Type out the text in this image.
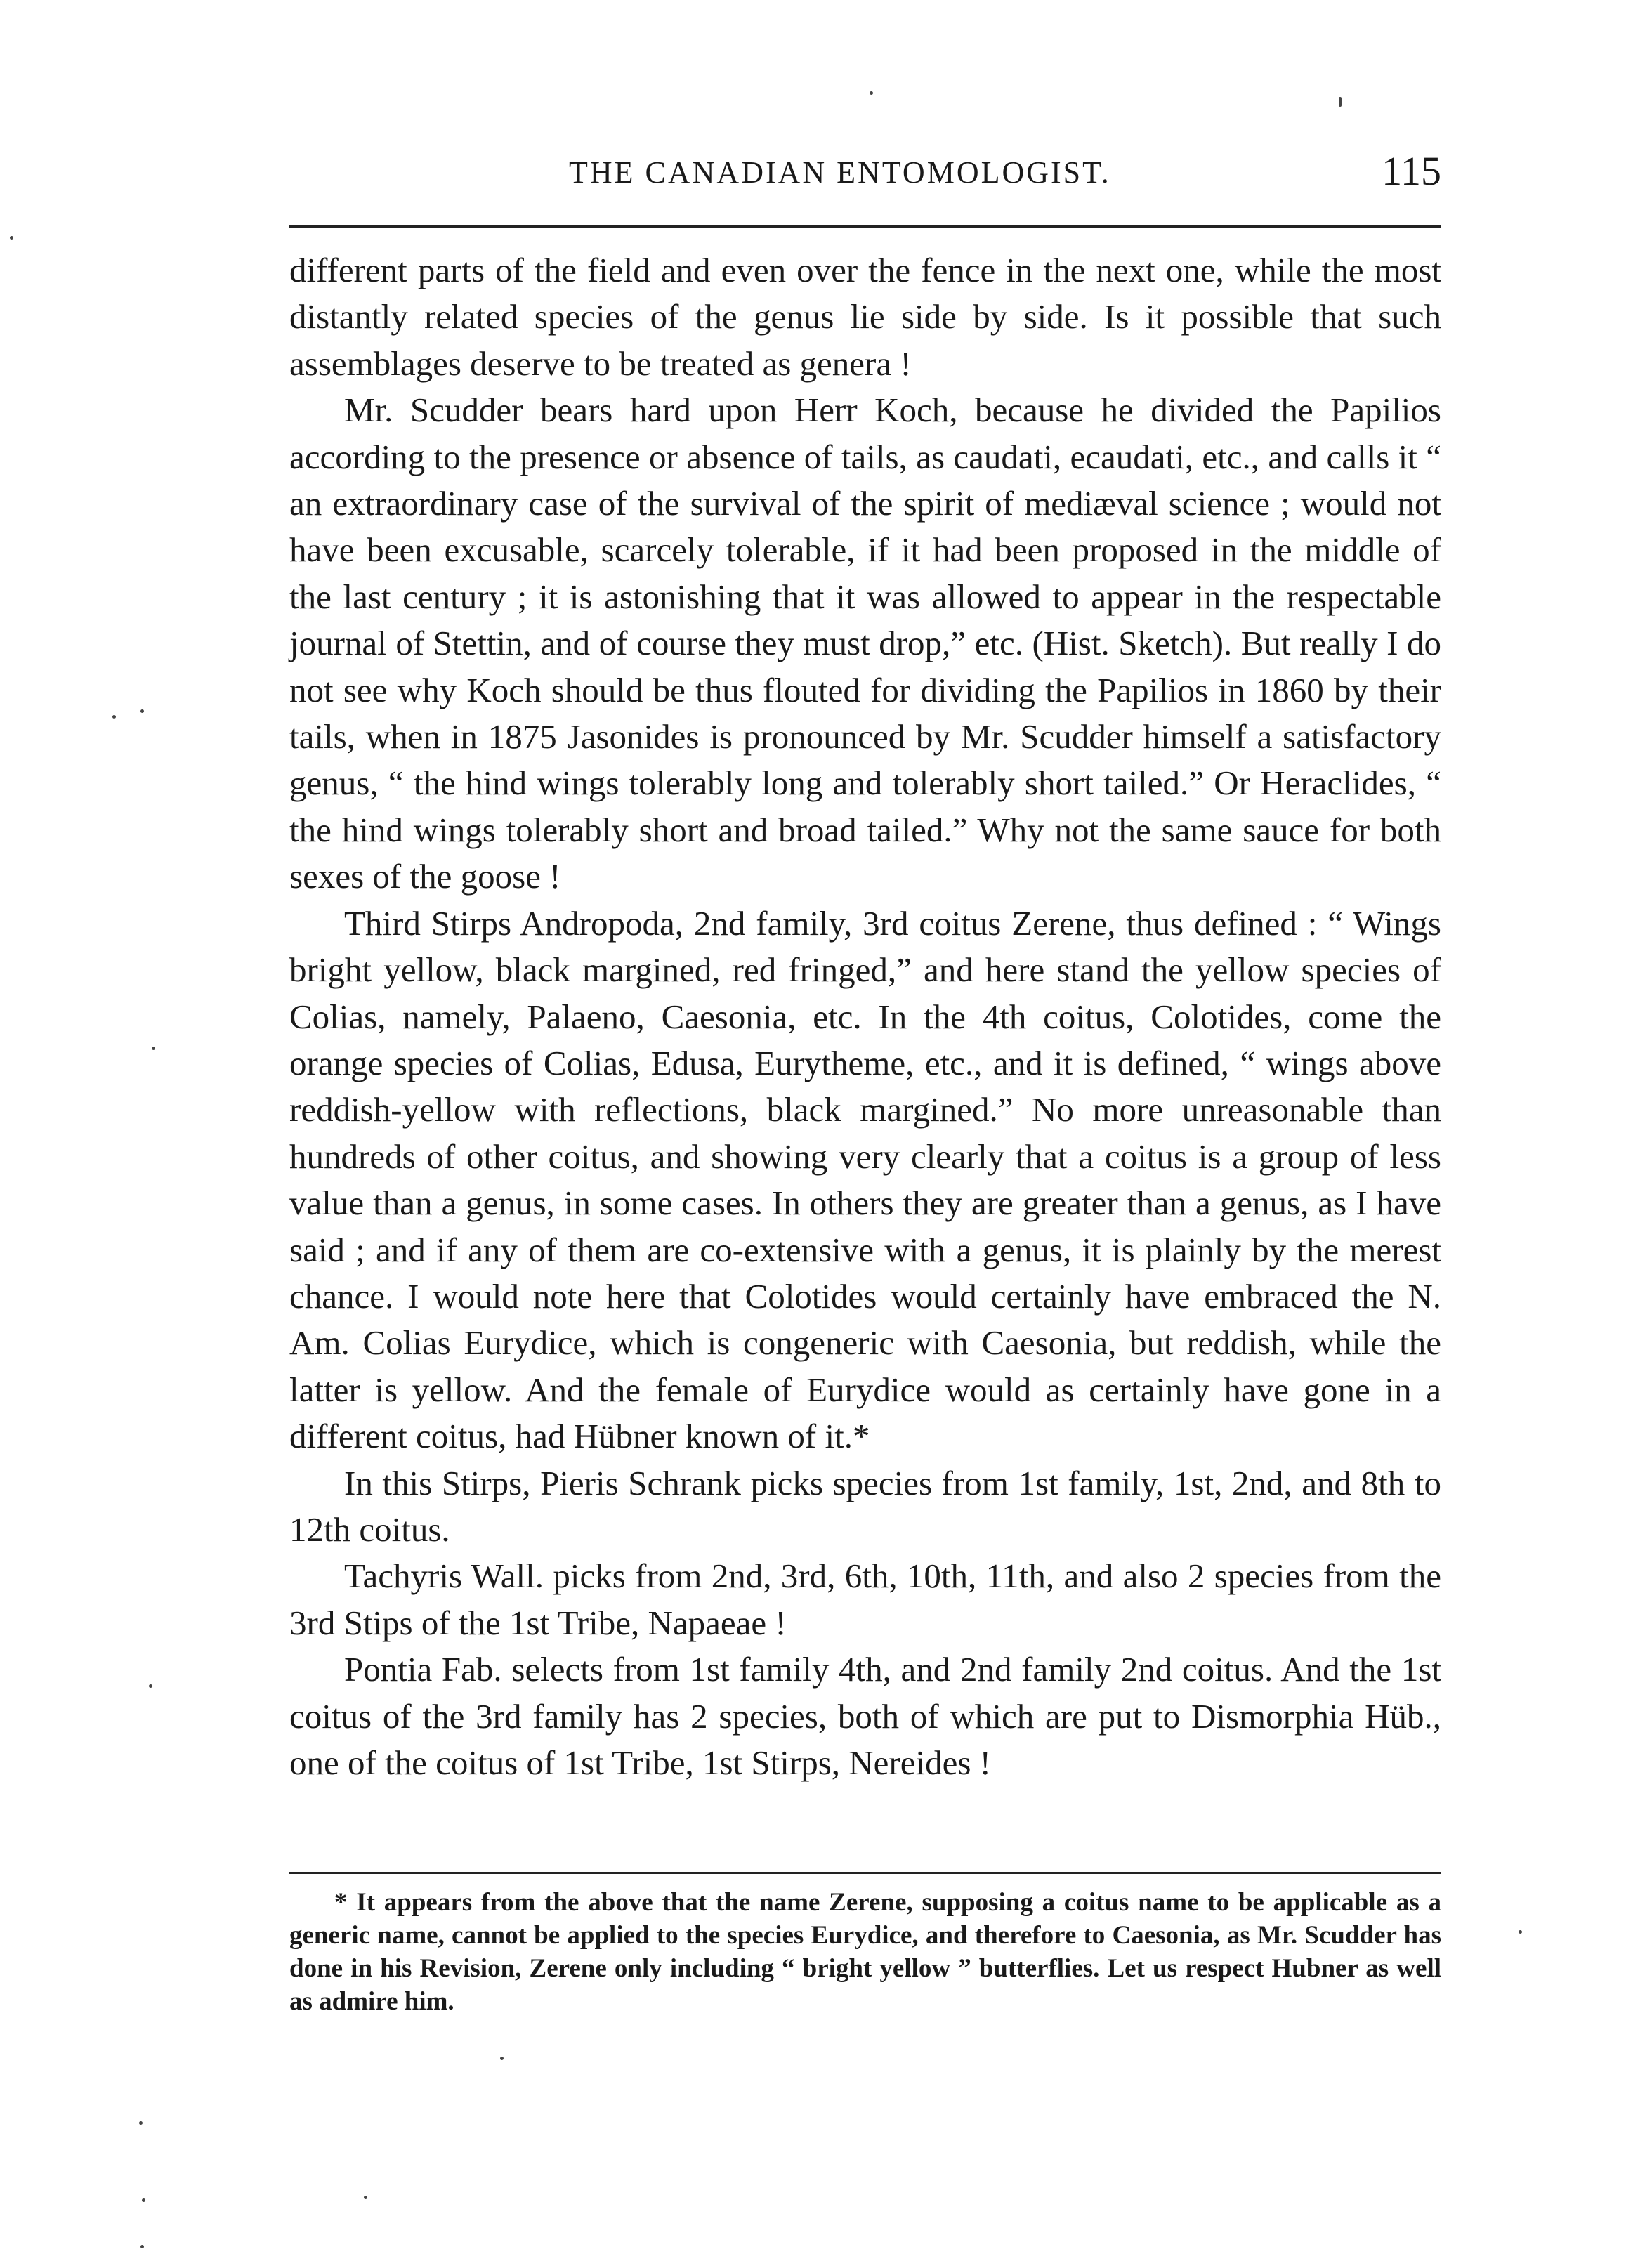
THE CANADIAN ENTOMOLOGIST.	115

different parts of the field and even over the fence in the next one, while the most distantly related species of the genus lie side by side. Is it possible that such assemblages deserve to be treated as genera !

Mr. Scudder bears hard upon Herr Koch, because he divided the Papilios according to the presence or absence of tails, as caudati, ecaudati, etc., and calls it “ an extraordinary case of the survival of the spirit of mediæval science ; would not have been excusable, scarcely tolerable, if it had been proposed in the middle of the last century ; it is astonishing that it was allowed to appear in the respectable journal of Stettin, and of course they must drop,” etc. (Hist. Sketch). But really I do not see why Koch should be thus flouted for dividing the Papilios in 1860 by their tails, when in 1875 Jasonides is pronounced by Mr. Scudder himself a satisfactory genus, “ the hind wings tolerably long and tolerably short tailed.” Or Heraclides, “ the hind wings tolerably short and broad tailed.” Why not the same sauce for both sexes of the goose !

Third Stirps Andropoda, 2nd family, 3rd coitus Zerene, thus defined : “ Wings bright yellow, black margined, red fringed,” and here stand the yellow species of Colias, namely, Palaeno, Caesonia, etc. In the 4th coitus, Colotides, come the orange species of Colias, Edusa, Eurytheme, etc., and it is defined, “ wings above reddish-yellow with reflections, black margined.” No more unreasonable than hundreds of other coitus, and showing very clearly that a coitus is a group of less value than a genus, in some cases. In others they are greater than a genus, as I have said ; and if any of them are co-extensive with a genus, it is plainly by the merest chance. I would note here that Colotides would certainly have embraced the N. Am. Colias Eurydice, which is congeneric with Caesonia, but reddish, while the latter is yellow. And the female of Eurydice would as certainly have gone in a different coitus, had Hübner known of it.*

In this Stirps, Pieris Schrank picks species from 1st family, 1st, 2nd, and 8th to 12th coitus.

Tachyris Wall. picks from 2nd, 3rd, 6th, 10th, 11th, and also 2 species from the 3rd Stips of the 1st Tribe, Napaeae !

Pontia Fab. selects from 1st family 4th, and 2nd family 2nd coitus. And the 1st coitus of the 3rd family has 2 species, both of which are put to Dismorphia Hüb., one of the coitus of 1st Tribe, 1st Stirps, Nereides !

* It appears from the above that the name Zerene, supposing a coitus name to be applicable as a generic name, cannot be applied to the species Eurydice, and therefore to Caesonia, as Mr. Scudder has done in his Revision, Zerene only including “ bright yellow ” butterflies. Let us respect Hubner as well as admire him.
